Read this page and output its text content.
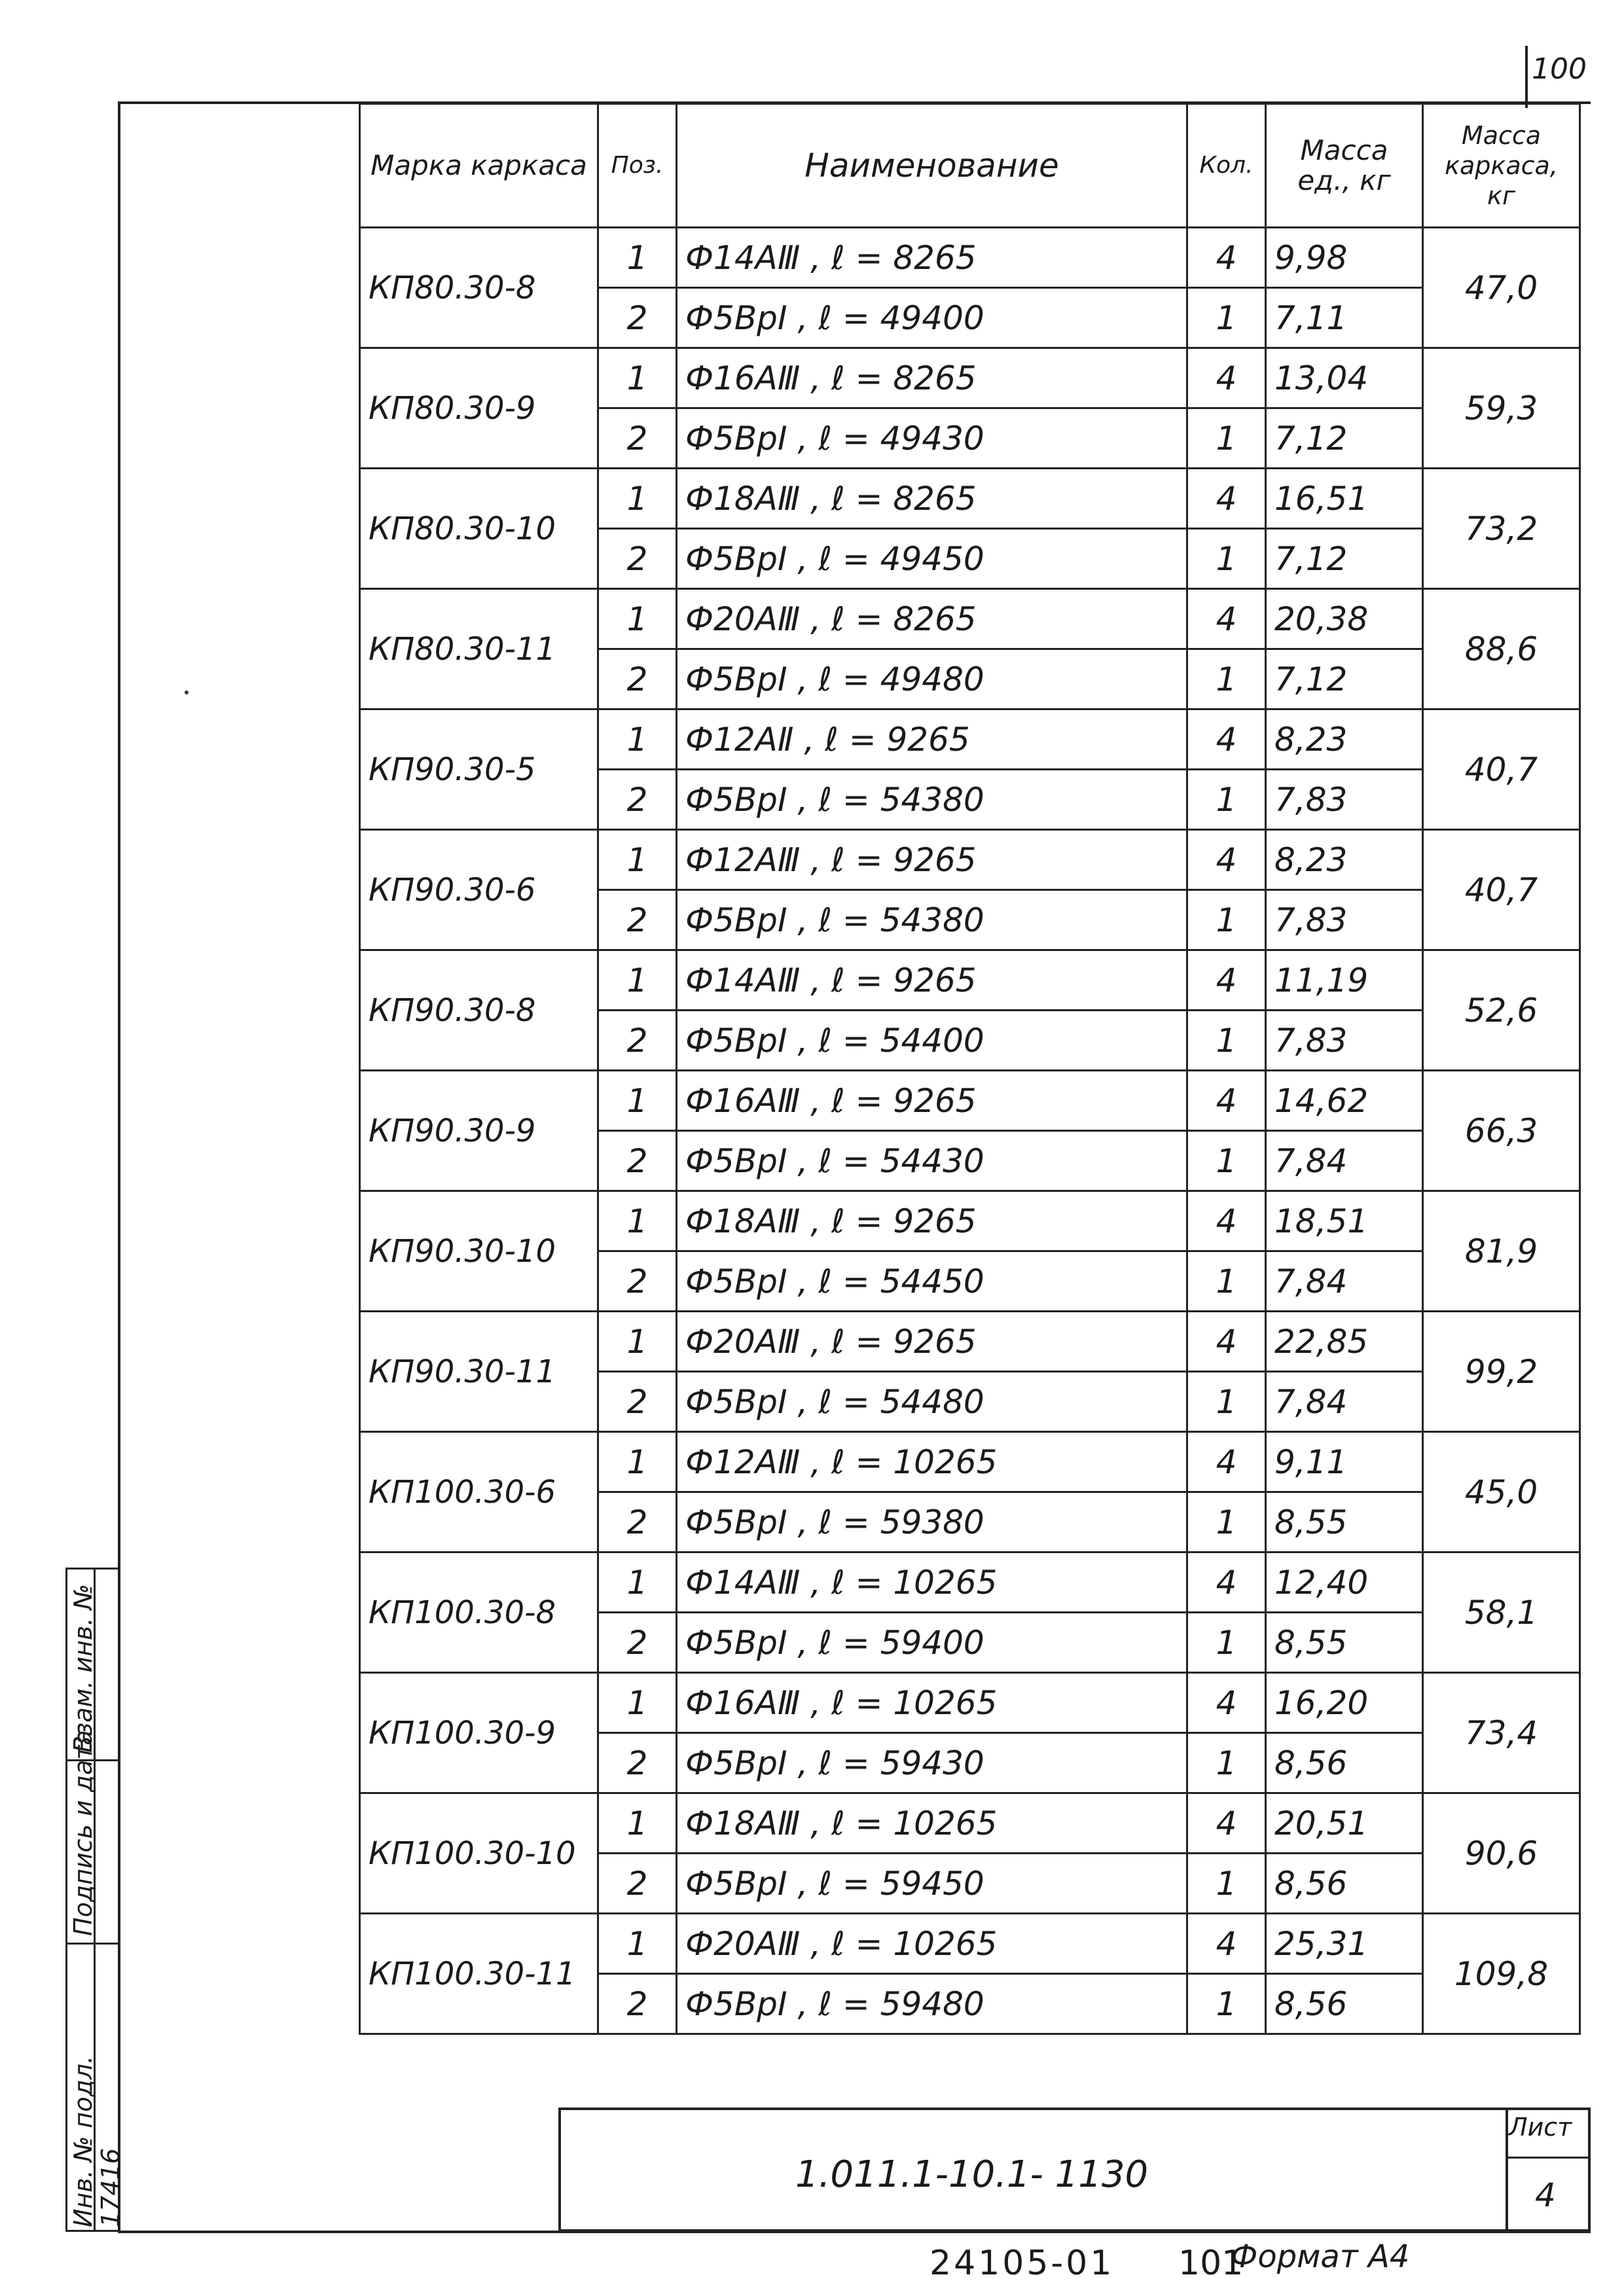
100
Марка каркаса	Поз.	Наименование	Кол.	Масса ед., кг	Масса каркаса, кг
КП80.30-8	1	Ф14АⅢ , ℓ = 8265	4	9,98	47,0
	2	Ф5ВрⅠ , ℓ = 49400	1	7,11	
КП80.30-9	1	Ф16АⅢ , ℓ = 8265	4	13,04	59,3
	2	Ф5ВрⅠ , ℓ = 49430	1	7,12	
КП80.30-10	1	Ф18АⅢ , ℓ = 8265	4	16,51	73,2
	2	Ф5ВрⅠ , ℓ = 49450	1	7,12	
КП80.30-11	1	Ф20АⅢ , ℓ = 8265	4	20,38	88,6
	2	Ф5ВрⅠ , ℓ = 49480	1	7,12	
КП90.30-5	1	Ф12АⅡ , ℓ = 9265	4	8,23	40,7
	2	Ф5ВрⅠ , ℓ = 54380	1	7,83	
КП90.30-6	1	Ф12АⅢ , ℓ = 9265	4	8,23	40,7
	2	Ф5ВрⅠ , ℓ = 54380	1	7,83	
КП90.30-8	1	Ф14АⅢ , ℓ = 9265	4	11,19	52,6
	2	Ф5ВрⅠ , ℓ = 54400	1	7,83	
КП90.30-9	1	Ф16АⅢ , ℓ = 9265	4	14,62	66,3
	2	Ф5ВрⅠ , ℓ = 54430	1	7,84	
КП90.30-10	1	Ф18АⅢ , ℓ = 9265	4	18,51	81,9
	2	Ф5ВрⅠ , ℓ = 54450	1	7,84	
КП90.30-11	1	Ф20АⅢ , ℓ = 9265	4	22,85	99,2
	2	Ф5ВрⅠ , ℓ = 54480	1	7,84	
КП100.30-6	1	Ф12АⅢ , ℓ = 10265	4	9,11	45,0
	2	Ф5ВрⅠ , ℓ = 59380	1	8,55	
КП100.30-8	1	Ф14АⅢ , ℓ = 10265	4	12,40	58,1
	2	Ф5ВрⅠ , ℓ = 59400	1	8,55	
КП100.30-9	1	Ф16АⅢ , ℓ = 10265	4	16,20	73,4
	2	Ф5ВрⅠ , ℓ = 59430	1	8,56	
КП100.30-10	1	Ф18АⅢ , ℓ = 10265	4	20,51	90,6
	2	Ф5ВрⅠ , ℓ = 59450	1	8,56	
КП100.30-11	1	Ф20АⅢ , ℓ = 10265	4	25,31	109,8
	2	Ф5ВрⅠ , ℓ = 59480	1	8,56	
1.011.1-10.1- 1130
Лист
4
24105-01 101
Формат А4
Взам. инв. №
Подпись и дата
Инв. № подл.
17416
